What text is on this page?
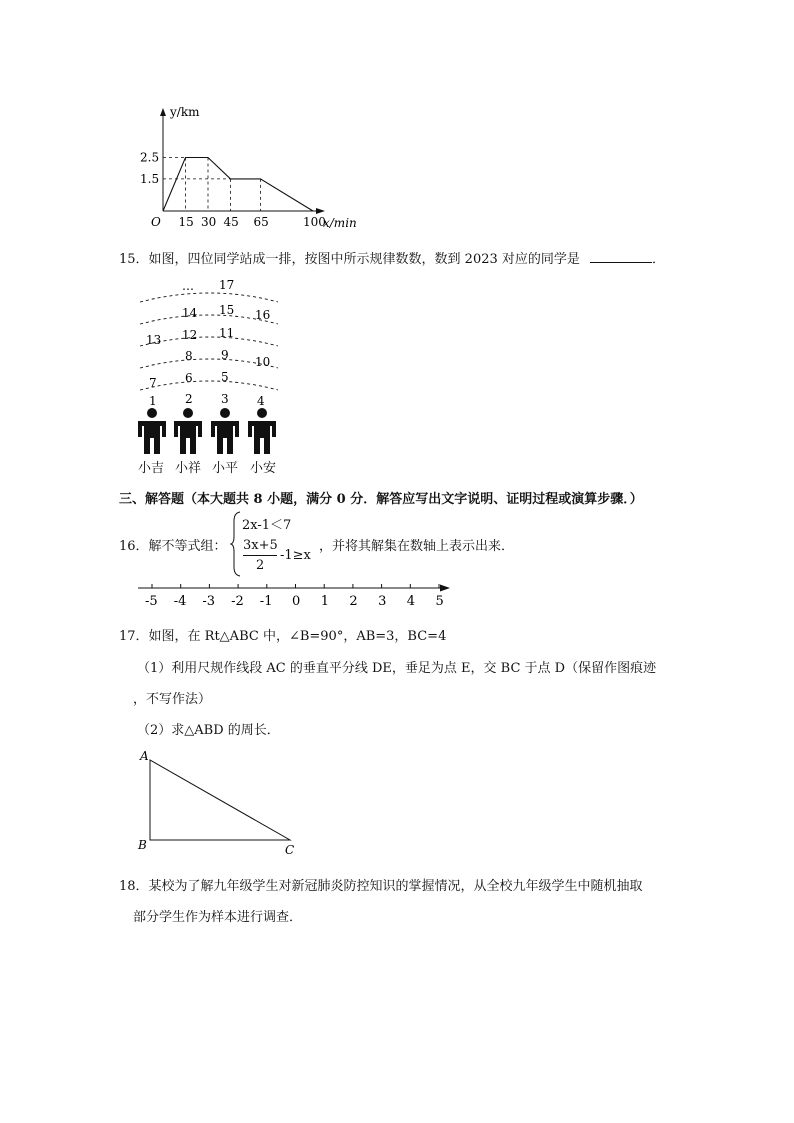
y/km
x/min
O
2.5
1.5
15 30 45 65	100
15．如图，四位同学站成一排，按图中所示规律数数，数到 2023 对应的同学是	．
… 17
14 15 16
13 12 11
8 9 10
7 6 5
1 2 3 4
小吉 小祥 小平 小安
三、解答题（本大题共 8 小题，满分 0 分．解答应写出文字说明、证明过程或演算步骤．）
16．解不等式组：
2x-1＜7
3x+5
2
-1≥x
，并将其解集在数轴上表示出来．
-5 -4 -3 -2 -1 0 1 2 3 4 5
17．如图，在 Rt△ABC 中，∠B=90°，AB=3，BC=4
（1）利用尺规作线段 AC 的垂直平分线 DE，垂足为点 E，交 BC 于点 D（保留作图痕迹
，不写作法）
（2）求△ABD 的周长．
A
B	C
18．某校为了解九年级学生对新冠肺炎防控知识的掌握情况，从全校九年级学生中随机抽取
部分学生作为样本进行调查．
